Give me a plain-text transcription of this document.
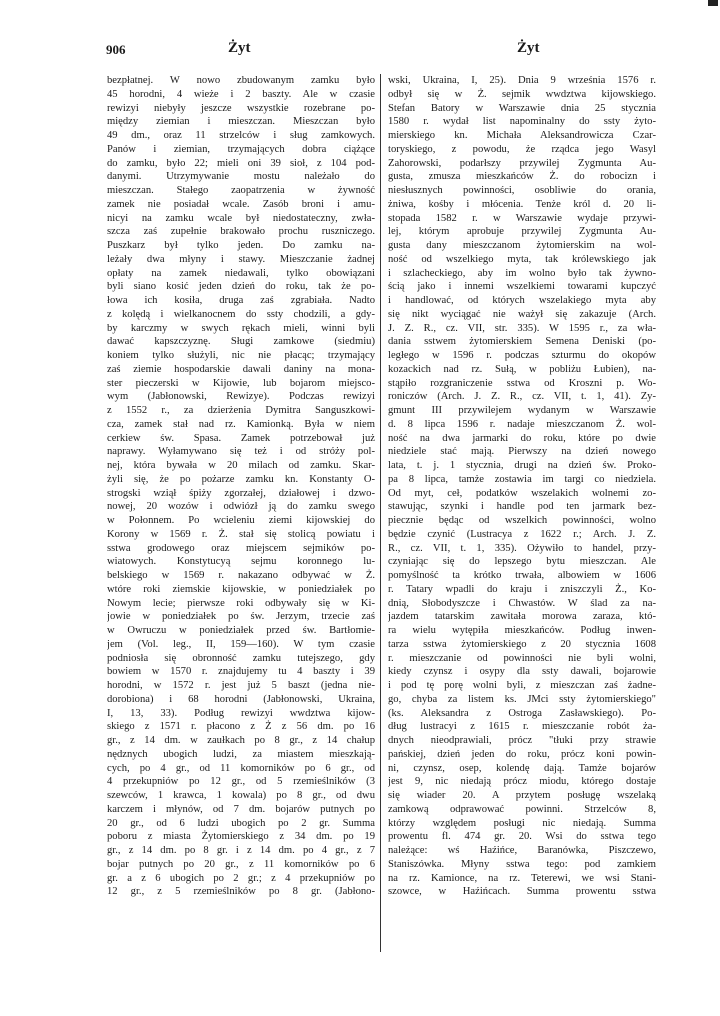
906	Żyt	Żyt
bezpłatnej. W nowo zbudowanym zamku było
45 horodni, 4 wieże i 2 baszty. Ale w czasie
rewizyi niebyły jeszcze wszystkie rozebrane po-
między ziemian i mieszczan. Mieszczan było
49 dm., oraz 11 strzelców i sług zamkowych.
Panów i ziemian, trzymających dobra ciążące
do zamku, było 22; mieli oni 39 sioł, z 104 pod-
danymi. Utrzymywanie mostu należało do
mieszczan. Stałego zaopatrzenia w żywność
zamek nie posiadał wcale. Zasób broni i amu-
nicyi na zamku wcale był niedostateczny, zwła-
szcza zaś zupełnie brakowało prochu ruszniczego.
Puszkarz był tylko jeden. Do zamku na-
leżały dwa młyny i stawy. Mieszczanie żadnej
opłaty na zamek niedawali, tylko obowiązani
byli siano kosić jeden dzień do roku, tak że po-
łowa ich kosiła, druga zaś zgrabiała. Nadto
z kolędą i wielkanocnem do ssty chodzili, a gdy-
by karczmy w swych rękach mieli, winni byli
dawać kapszczyznę. Sługi zamkowe (siedmiu)
koniem tylko służyli, nic nie płacąc; trzymający
zaś ziemie hospodarskie dawali daniny na mona-
ster pieczerski w Kijowie, lub bojarom miejsco-
wym (Jabłonowski, Rewizye). Podczas rewizyi
z 1552 r., za dzierżenia Dymitra Sanguszkowi-
cza, zamek stał nad rz. Kamionką. Była w niem
cerkiew św. Spasa. Zamek potrzebował już
naprawy. Wyłamywano się też i od stróży pol-
nej, która bywała w 20 milach od zamku. Skar-
żyli się, że po pożarze zamku kn. Konstanty O-
strogski wziął śpiży zgorzałej, działowej i dzwo-
nowej, 20 wozów i odwiózł ją do zamku swego
w Połonnem. Po wcieleniu ziemi kijowskiej do
Korony w 1569 r. Ż. stał się stolicą powiatu i
sstwa grodowego oraz miejscem sejmików po-
wiatowych. Konstytucyą sejmu koronnego lu-
belskiego w 1569 r. nakazano odbywać w Ż.
wtóre roki ziemskie kijowskie, w poniedziałek po
Nowym lecie; pierwsze roki odbywały się w Ki-
jowie w poniedziałek po św. Jerzym, trzecie zaś
w Owruczu w poniedziałek przed św. Bartłomie-
jem (Vol. leg., II, 159—160). W tym czasie
podniosła się obronność zamku tutejszego, gdy
bowiem w 1570 r. znajdujemy tu 4 baszty i 39
horodni, w 1572 r. jest już 5 baszt (jedna nie-
dorobiona) i 68 horodni (Jabłonowski, Ukraina,
I, 13, 33). Podług rewizyi wwdztwa kijow-
skiego z 1571 r. płacono z Ż z 56 dm. po 16
gr., z 14 dm. w zaułkach po 8 gr., z 14 chałup
nędznych ubogich ludzi, za miastem mieszkają-
cych, po 4 gr., od 11 komorników po 6 gr., od
4 przekupniów po 12 gr., od 5 rzemieślników (3
szewców, 1 krawca, 1 kowala) po 8 gr., od dwu
karczem i młynów, od 7 dm. bojarów putnych po
20 gr., od 6 ludzi ubogich po 2 gr. Summa
poboru z miasta Żytomierskiego z 34 dm. po 19
gr., z 14 dm. po 8 gr. i z 14 dm. po 4 gr., z 7
bojar putnych po 20 gr., z 11 komorników po 6
gr. a z 6 ubogich po 2 gr.; z 4 przekupniów po
12 gr., z 5 rzemieślników po 8 gr. (Jabłono-
wski, Ukraina, I, 25). Dnia 9 września 1576 r.
odbył się w Ż. sejmik wwdztwa kijowskiego.
Stefan Batory w Warszawie dnia 25 stycznia
1580 r. wydał list napominalny do ssty żyto-
mierskiego kn. Michała Aleksandrowicza Czar-
toryskiego, z powodu, że rządca jego Wasyl
Zahorowski, podarłszy przywilej Zygmunta Au-
gusta, zmusza mieszkańców Ż. do robocizn i
niesłusznych powinności, osobliwie do orania,
żniwa, kośby i młócenia. Tenże król d. 20 li-
stopada 1582 r. w Warszawie wydaje przywi-
lej, którym aprobuje przywilej Zygmunta Au-
gusta dany mieszczanom żytomierskim na wol-
ność od wszelkiego myta, tak królewskiego jak
i szlacheckiego, aby im wolno było tak żywno-
ścią jako i innemi wszelkiemi towarami kupczyć
i handlować, od których wszelakiego myta aby
się nikt wyciągać nie ważył się zakazuje (Arch.
J. Z. R., cz. VII, str. 335). W 1595 r., za wła-
dania sstwem żytomierskiem Semena Deniski (po-
ległego w 1596 r. podczas szturmu do okopów
kozackich nad rz. Sułą, w pobliżu Łubien), na-
stąpiło rozgraniczenie sstwa od Kroszni p. Wo-
roniczów (Arch. J. Z. R., cz. VII, t. 1, 41). Zy-
gmunt III przywilejem wydanym w Warszawie
d. 8 lipca 1596 r. nadaje mieszczanom Ż. wol-
ność na dwa jarmarki do roku, które po dwie
niedziele stać mają. Pierwszy na dzień nowego
lata, t. j. 1 stycznia, drugi na dzień św. Proko-
pa 8 lipca, tamże zostawia im targi co niedziela.
Od myt, ceł, podatków wszelakich wolnemi zo-
stawując, szynki i handle pod ten jarmark bez-
piecznie będąc od wszelkich powinności, wolno
będzie czynić (Lustracya z 1622 r.; Arch. J. Z.
R., cz. VII, t. 1, 335). Ożywiło to handel, przy-
czyniając się do lepszego bytu mieszczan. Ale
pomyślność ta krótko trwała, albowiem w 1606
r. Tatary wpadli do kraju i zniszczyli Ż., Ko-
dnią, Słobodyszcze i Chwastów. W ślad za na-
jazdem tatarskim zawitała morowa zaraza, któ-
ra wielu wytępiła mieszkańców. Podług inwen-
tarza sstwa żytomierskiego z 20 stycznia 1608
r. mieszczanie od powinności nie byli wolni,
kiedy czynsz i osypy dla ssty dawali, bojarowie
i pod tę porę wolni byli, z mieszczan zaś żadne-
go, chyba za listem ks. JMci ssty żytomierskiego"
(ks. Aleksandra z Ostroga Zasławskiego). Po-
dług lustracyi z 1615 r. mieszczanie robót ża-
dnych nieodprawiali, prócz "tłuki przy strawie
pańskiej, dzień jeden do roku, prócz koni powin-
ni, czynsz, osep, kolendę dają. Tamże bojarów
jest 9, nic niedają prócz miodu, którego dostaje
się wiader 20. A przytem posługę wszelaką
zamkową odprawować powinni. Strzelców 8,
którzy względem posługi nic niedają. Summa
prowentu fl. 474 gr. 20. Wsi do sstwa tego
należące: wś Haźińce, Baranówka, Piszczewo,
Staniszówka. Młyny sstwa tego: pod zamkiem
na rz. Kamionce, na rz. Teterewi, we wsi Stani-
szowce, w Haźińcach. Summa prowentu sstwa
